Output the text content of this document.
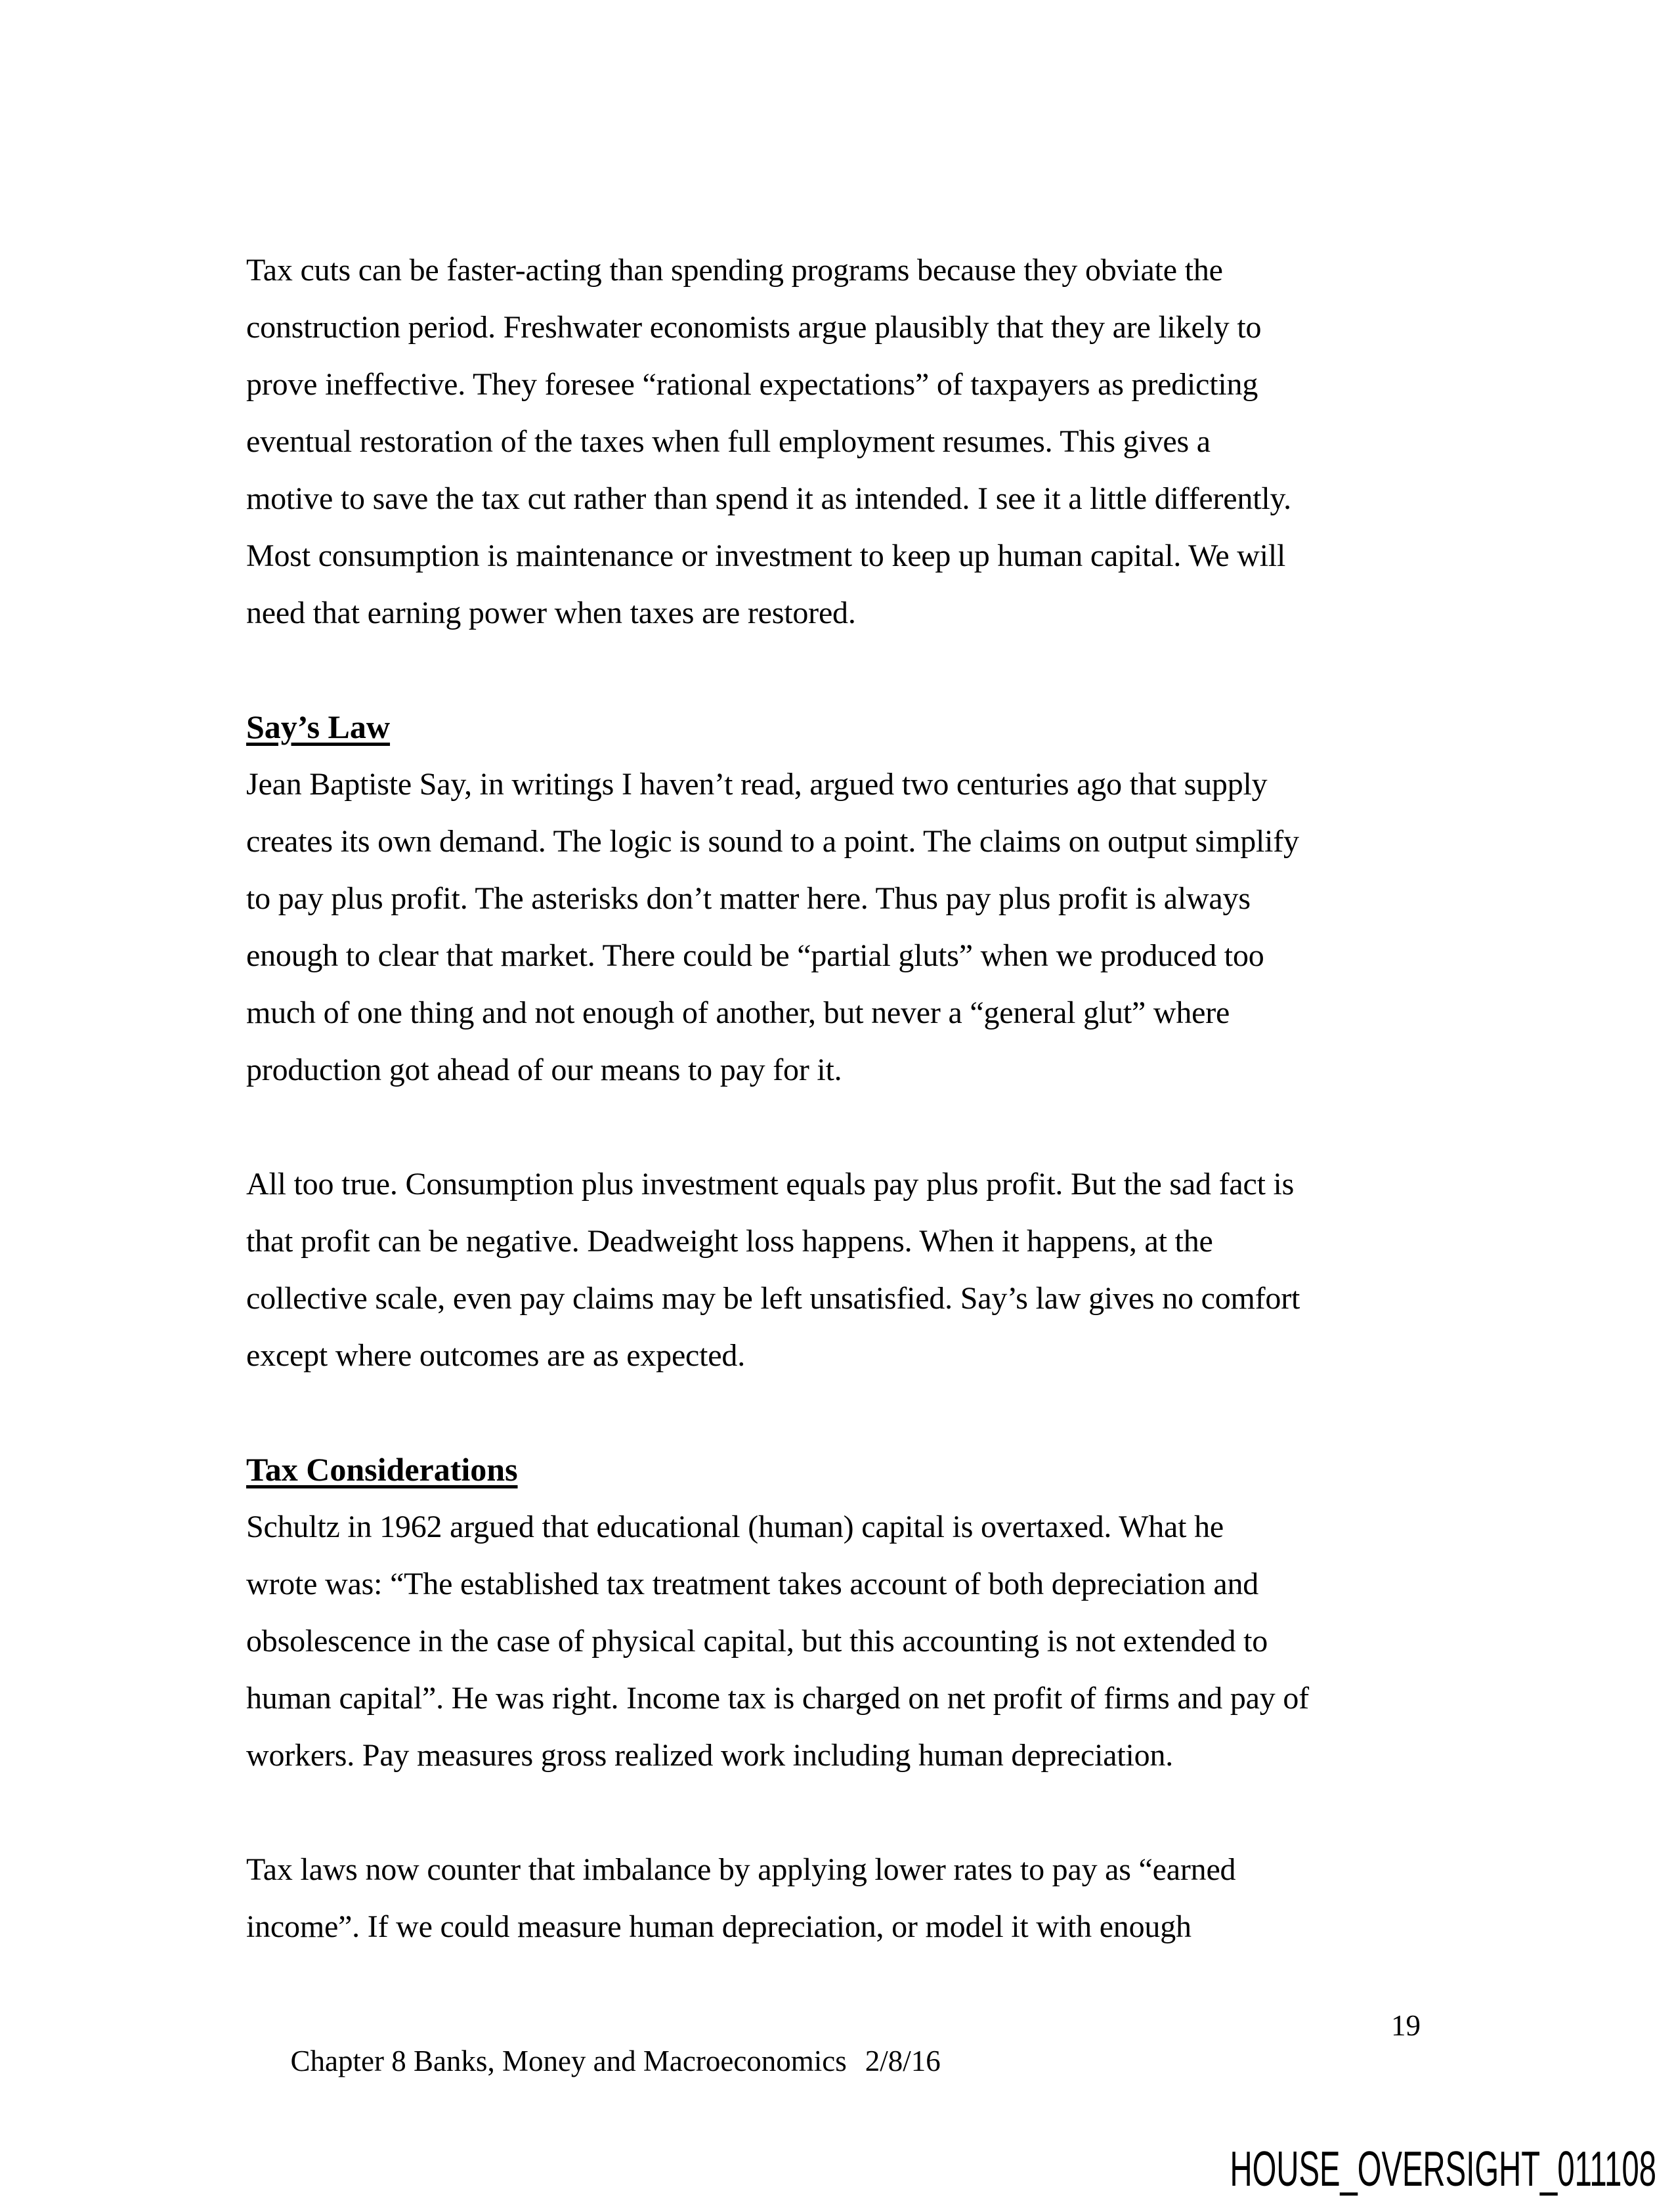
Tax cuts can be faster-acting than spending programs because they obviate the
construction period. Freshwater economists argue plausibly that they are likely to
prove ineffective. They foresee “rational expectations” of taxpayers as predicting
eventual restoration of the taxes when full employment resumes. This gives a
motive to save the tax cut rather than spend it as intended. I see it a little differently.
Most consumption is maintenance or investment to keep up human capital. We will
need that earning power when taxes are restored.
Say’s Law
Jean Baptiste Say, in writings I haven’t read, argued two centuries ago that supply
creates its own demand. The logic is sound to a point. The claims on output simplify
to pay plus profit. The asterisks don’t matter here. Thus pay plus profit is always
enough to clear that market. There could be “partial gluts” when we produced too
much of one thing and not enough of another, but never a “general glut” where
production got ahead of our means to pay for it.
All too true. Consumption plus investment equals pay plus profit. But the sad fact is
that profit can be negative. Deadweight loss happens. When it happens, at the
collective scale, even pay claims may be left unsatisfied. Say’s law gives no comfort
except where outcomes are as expected.
Tax Considerations
Schultz in 1962 argued that educational (human) capital is overtaxed. What he
wrote was: “The established tax treatment takes account of both depreciation and
obsolescence in the case of physical capital, but this accounting is not extended to
human capital”. He was right. Income tax is charged on net profit of firms and pay of
workers. Pay measures gross realized work including human depreciation.
Tax laws now counter that imbalance by applying lower rates to pay as “earned
income”. If we could measure human depreciation, or model it with enough

Chapter 8 Banks, Money and Macroeconomics 2/8/16

19
HOUSE_OVERSIGHT_011108
